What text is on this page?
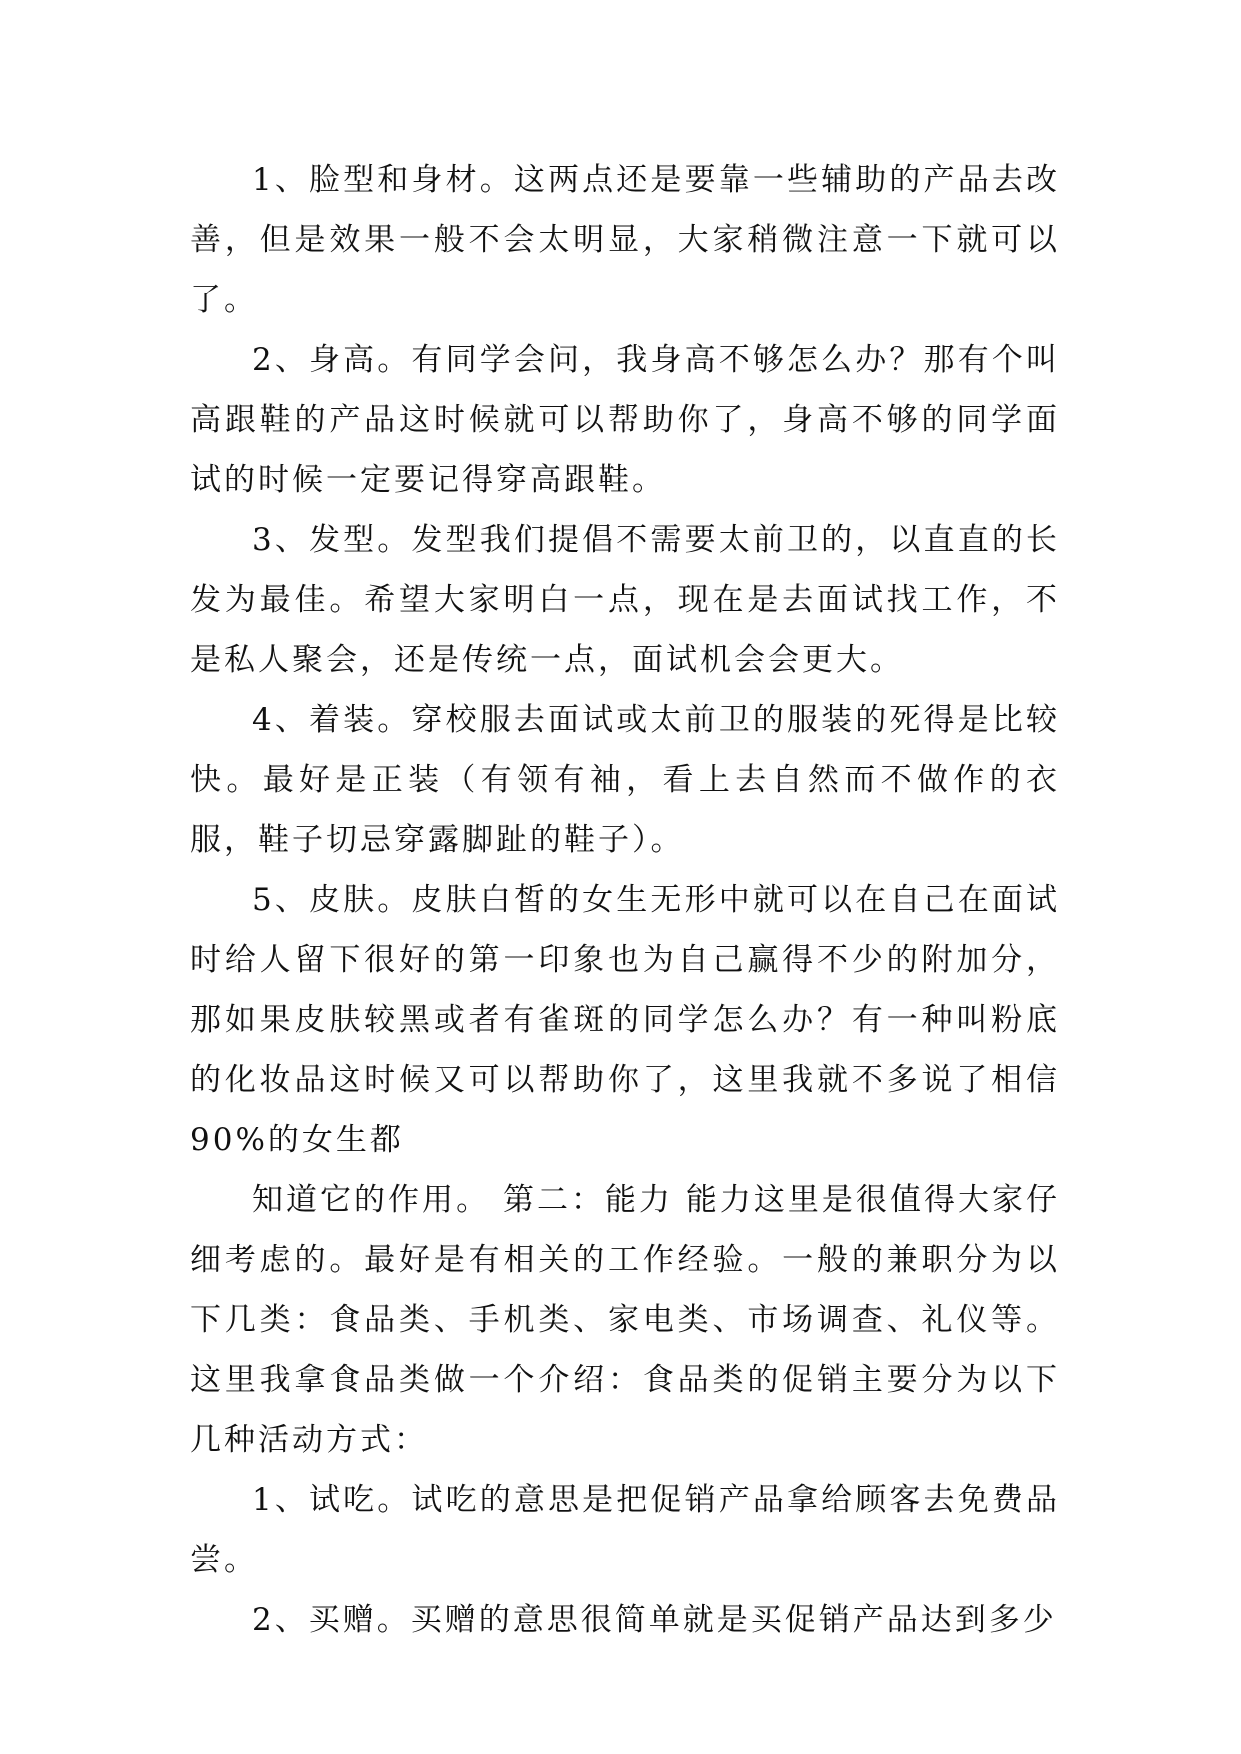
1、脸型和身材。这两点还是要靠一些辅助的产品去改善，但是效果一般不会太明显，大家稍微注意一下就可以了。

2、身高。有同学会问，我身高不够怎么办？那有个叫高跟鞋的产品这时候就可以帮助你了，身高不够的同学面试的时候一定要记得穿高跟鞋。

3、发型。发型我们提倡不需要太前卫的，以直直的长发为最佳。希望大家明白一点，现在是去面试找工作，不是私人聚会，还是传统一点，面试机会会更大。

4、着装。穿校服去面试或太前卫的服装的死得是比较快。最好是正装（有领有袖，看上去自然而不做作的衣服，鞋子切忌穿露脚趾的鞋子）。

5、皮肤。皮肤白皙的女生无形中就可以在自己在面试时给人留下很好的第一印象也为自己赢得不少的附加分，那如果皮肤较黑或者有雀斑的同学怎么办？有一种叫粉底的化妆品这时候又可以帮助你了，这里我就不多说了相信 90%的女生都

知道它的作用。 第二：能力 能力这里是很值得大家仔细考虑的。最好是有相关的工作经验。一般的兼职分为以下几类：食品类、手机类、家电类、市场调查、礼仪等。这里我拿食品类做一个介绍：食品类的促销主要分为以下几种活动方式：

1、试吃。试吃的意思是把促销产品拿给顾客去免费品尝。

2、买赠。买赠的意思很简单就是买促销产品达到多少
